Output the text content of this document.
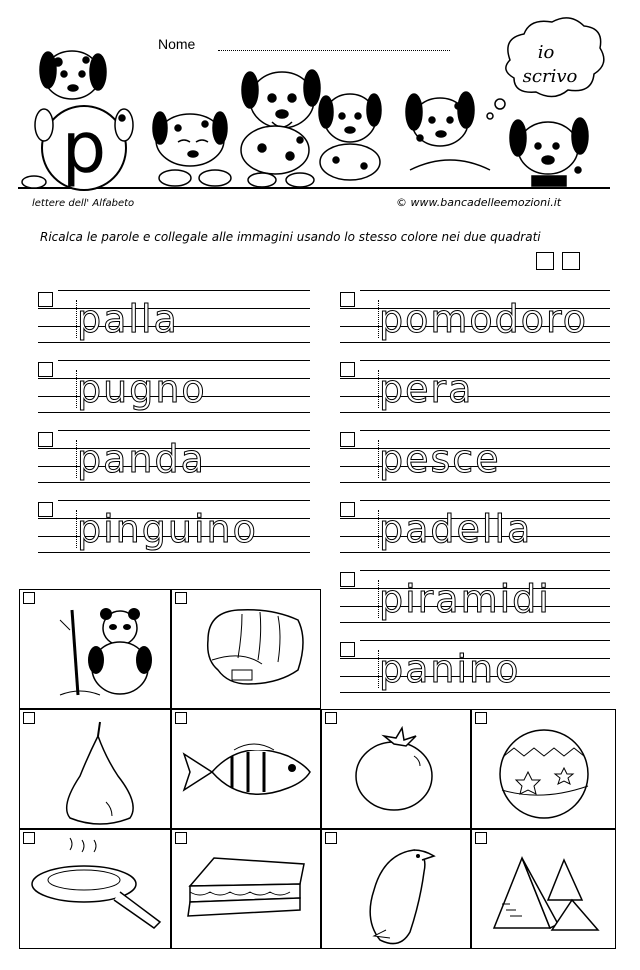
io
scrivo
p
Nome
lettere dell' Alfabeto	© www.bancadelleemozioni.it
Ricalca le parole e collegale alle immagini usando lo stesso colore nei due quadrati
palla
pugno
panda
pinguino
pomodoro
pera
pesce
padella
piramidi
panino
